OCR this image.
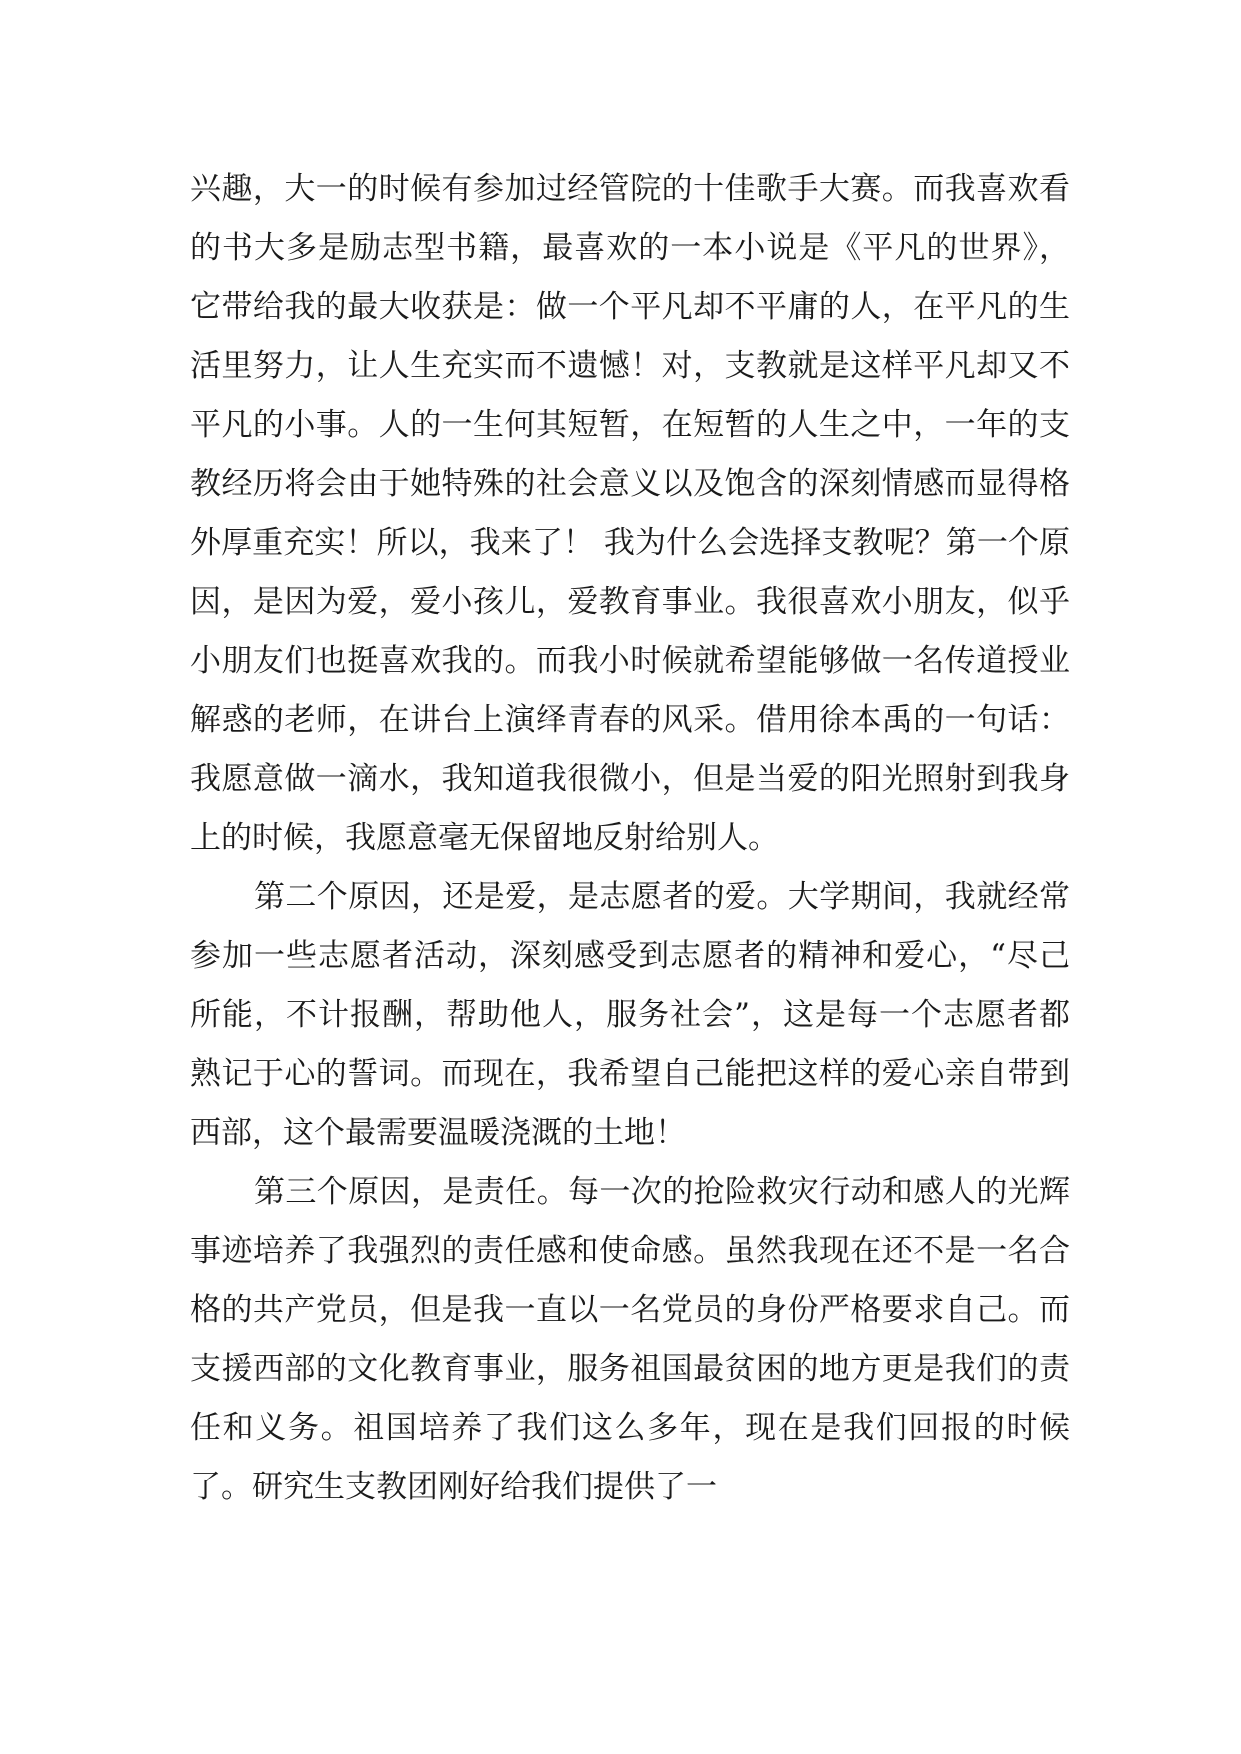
兴趣，大一的时候有参加过经管院的十佳歌手大赛。而我喜欢看的书大多是励志型书籍，最喜欢的一本小说是《平凡的世界》，它带给我的最大收获是：做一个平凡却不平庸的人，在平凡的生活里努力，让人生充实而不遗憾！对，支教就是这样平凡却又不平凡的小事。人的一生何其短暂，在短暂的人生之中，一年的支教经历将会由于她特殊的社会意义以及饱含的深刻情感而显得格外厚重充实！所以，我来了！ 我为什么会选择支教呢？第一个原因，是因为爱，爱小孩儿，爱教育事业。我很喜欢小朋友，似乎小朋友们也挺喜欢我的。而我小时候就希望能够做一名传道授业解惑的老师，在讲台上演绎青春的风采。借用徐本禹的一句话：我愿意做一滴水，我知道我很微小，但是当爱的阳光照射到我身上的时候，我愿意毫无保留地反射给别人。

第二个原因，还是爱，是志愿者的爱。大学期间，我就经常参加一些志愿者活动，深刻感受到志愿者的精神和爱心，“尽己所能，不计报酬，帮助他人，服务社会”，这是每一个志愿者都熟记于心的誓词。而现在，我希望自己能把这样的爱心亲自带到西部，这个最需要温暖浇溉的土地！

第三个原因，是责任。每一次的抢险救灾行动和感人的光辉事迹培养了我强烈的责任感和使命感。虽然我现在还不是一名合格的共产党员，但是我一直以一名党员的身份严格要求自己。而支援西部的文化教育事业，服务祖国最贫困的地方更是我们的责任和义务。祖国培养了我们这么多年，现在是我们回报的时候了。研究生支教团刚好给我们提供了一
